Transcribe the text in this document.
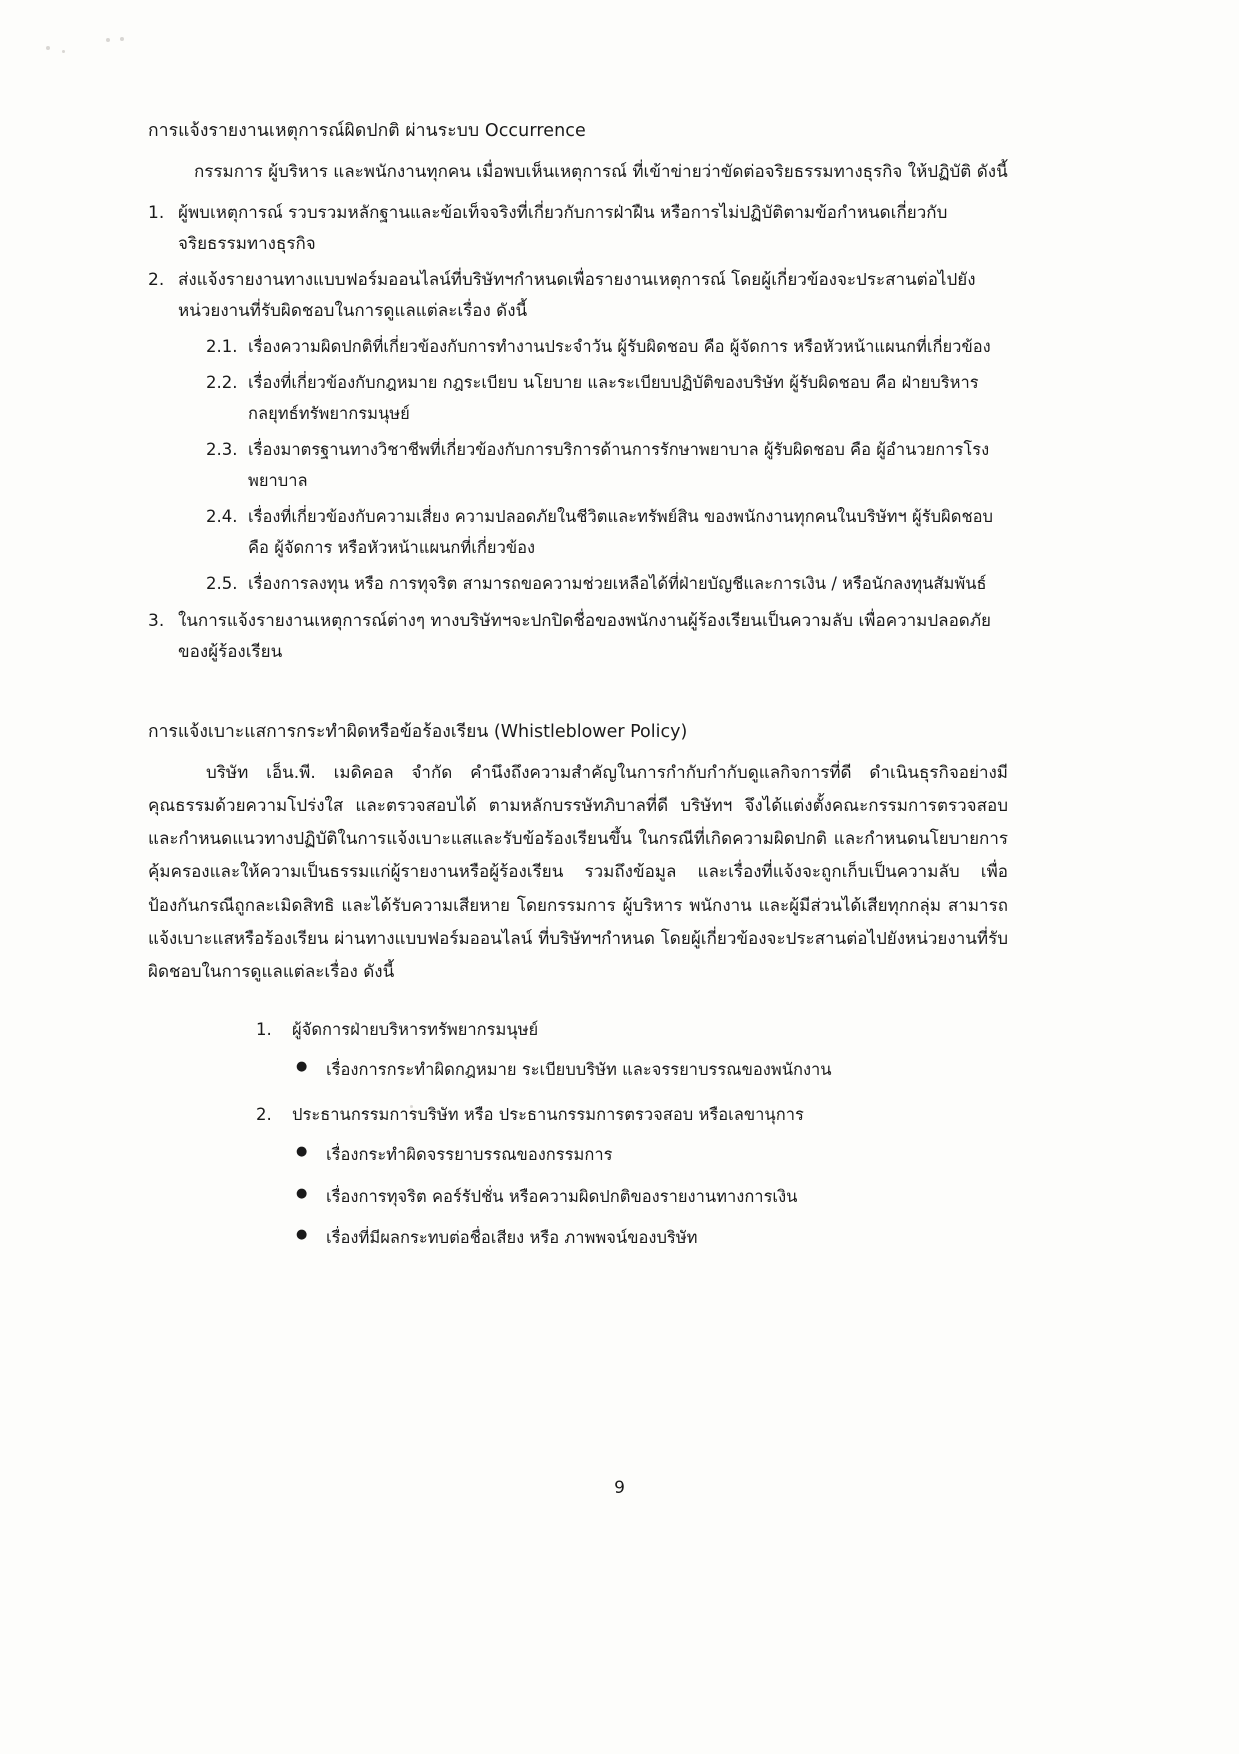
การแจ้งรายงานเหตุการณ์ผิดปกติ ผ่านระบบ Occurrence
กรรมการ ผู้บริหาร และพนักงานทุกคน เมื่อพบเห็นเหตุการณ์ ที่เข้าข่ายว่าขัดต่อจริยธรรมทางธุรกิจ ให้ปฏิบัติ ดังนี้
1. ผู้พบเหตุการณ์ รวบรวมหลักฐานและข้อเท็จจริงที่เกี่ยวกับการฝ่าฝืน หรือการไม่ปฏิบัติตามข้อกำหนดเกี่ยวกับจริยธรรมทางธุรกิจ
2. ส่งแจ้งรายงานทางแบบฟอร์มออนไลน์ที่บริษัทฯกำหนดเพื่อรายงานเหตุการณ์ โดยผู้เกี่ยวข้องจะประสานต่อไปยังหน่วยงานที่รับผิดชอบในการดูแลแต่ละเรื่อง ดังนี้
2.1. เรื่องความผิดปกติที่เกี่ยวข้องกับการทำงานประจำวัน ผู้รับผิดชอบ คือ ผู้จัดการ หรือหัวหน้าแผนกที่เกี่ยวข้อง
2.2. เรื่องที่เกี่ยวข้องกับกฎหมาย กฎระเบียบ นโยบาย และระเบียบปฏิบัติของบริษัท ผู้รับผิดชอบ คือ ฝ่ายบริหารกลยุทธ์ทรัพยากรมนุษย์
2.3. เรื่องมาตรฐานทางวิชาชีพที่เกี่ยวข้องกับการบริการด้านการรักษาพยาบาล ผู้รับผิดชอบ คือ ผู้อำนวยการโรงพยาบาล
2.4. เรื่องที่เกี่ยวข้องกับความเสี่ยง ความปลอดภัยในชีวิตและทรัพย์สิน ของพนักงานทุกคนในบริษัทฯ ผู้รับผิดชอบ คือ ผู้จัดการ หรือหัวหน้าแผนกที่เกี่ยวข้อง
2.5. เรื่องการลงทุน หรือ การทุจริต สามารถขอความช่วยเหลือได้ที่ฝ่ายบัญชีและการเงิน / หรือนักลงทุนสัมพันธ์
3. ในการแจ้งรายงานเหตุการณ์ต่างๆ ทางบริษัทฯจะปกปิดชื่อของพนักงานผู้ร้องเรียนเป็นความลับ เพื่อความปลอดภัยของผู้ร้องเรียน
การแจ้งเบาะแสการกระทำผิดหรือข้อร้องเรียน (Whistleblower Policy)
บริษัท เอ็น.พี. เมดิคอล จำกัด คำนึงถึงความสำคัญในการกำกับกำกับดูแลกิจการที่ดี ดำเนินธุรกิจอย่างมีคุณธรรมด้วยความโปร่งใส และตรวจสอบได้ ตามหลักบรรษัทภิบาลที่ดี บริษัทฯ จึงได้แต่งตั้งคณะกรรมการตรวจสอบ และกำหนดแนวทางปฏิบัติในการแจ้งเบาะแสและรับข้อร้องเรียนขึ้น ในกรณีที่เกิดความผิดปกติ และกำหนดนโยบายการคุ้มครองและให้ความเป็นธรรมแก่ผู้รายงานหรือผู้ร้องเรียน รวมถึงข้อมูล และเรื่องที่แจ้งจะถูกเก็บเป็นความลับ เพื่อป้องกันกรณีถูกละเมิดสิทธิ และได้รับความเสียหาย โดยกรรมการ ผู้บริหาร พนักงาน และผู้มีส่วนได้เสียทุกกลุ่ม สามารถแจ้งเบาะแสหรือร้องเรียน ผ่านทางแบบฟอร์มออนไลน์ ที่บริษัทฯกำหนด โดยผู้เกี่ยวข้องจะประสานต่อไปยังหน่วยงานที่รับผิดชอบในการดูแลแต่ละเรื่อง ดังนี้
1.	ผู้จัดการฝ่ายบริหารทรัพยากรมนุษย์
●	เรื่องการกระทำผิดกฎหมาย ระเบียบบริษัท และจรรยาบรรณของพนักงาน
2.	ประธานกรรมการบริษัท หรือ ประธานกรรมการตรวจสอบ หรือเลขานุการ
●	เรื่องกระทำผิดจรรยาบรรณของกรรมการ
●	เรื่องการทุจริต คอร์รัปชั่น หรือความผิดปกติของรายงานทางการเงิน
●	เรื่องที่มีผลกระทบต่อชื่อเสียง หรือ ภาพพจน์ของบริษัท
9
